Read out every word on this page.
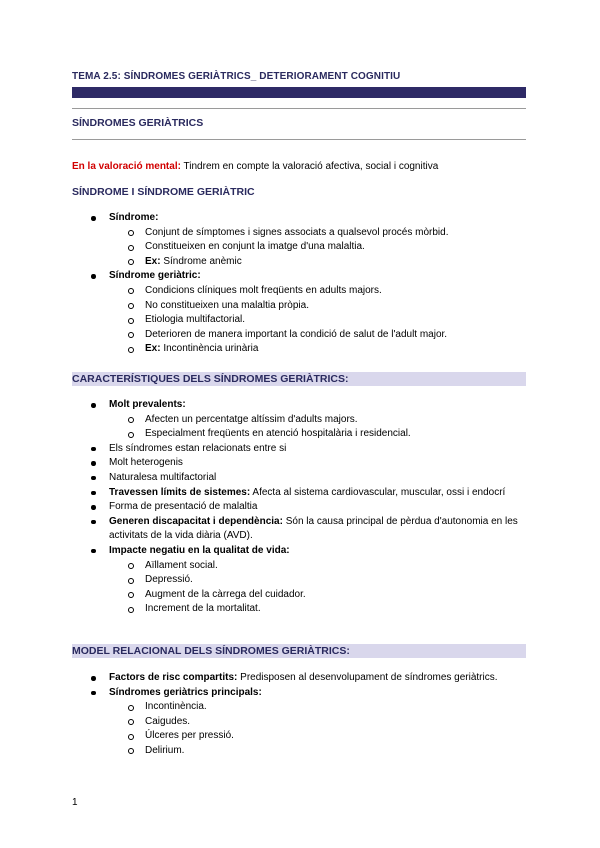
TEMA 2.5: SÍNDROMES GERIÀTRICS_ DETERIORAMENT COGNITIU
SÍNDROMES GERIÀTRICS
En la valoració mental: Tindrem en compte la valoració afectiva, social i cognitiva
SÍNDROME I SÍNDROME GERIÀTRIC
Síndrome:
Conjunt de símptomes i signes associats a qualsevol procés mòrbid.
Constitueixen en conjunt la imatge d'una malaltia.
Ex: Síndrome anèmic
Síndrome geriàtric:
Condicions clíniques molt freqüents en adults majors.
No constitueixen una malaltia pròpia.
Etiologia multifactorial.
Deterioren de manera important la condició de salut de l'adult major.
Ex: Incontinència urinària
CARACTERÍSTIQUES DELS SÍNDROMES GERIÀTRICS:
Molt prevalents:
Afecten un percentatge altíssim d'adults majors.
Especialment freqüents en atenció hospitalària i residencial.
Els síndromes estan relacionats entre si
Molt heterogenis
Naturalesa multifactorial
Travessen límits de sistemes: Afecta al sistema cardiovascular, muscular, ossi i endocrí
Forma de presentació de malaltia
Generen discapacitat i dependència: Són la causa principal de pèrdua d'autonomia en les activitats de la vida diària (AVD).
Impacte negatiu en la qualitat de vida:
Aïllament social.
Depressió.
Augment de la càrrega del cuidador.
Increment de la mortalitat.
MODEL RELACIONAL DELS SÍNDROMES GERIÀTRICS:
Factors de risc compartits: Predisposen al desenvolupament de síndromes geriàtrics.
Síndromes geriàtrics principals:
Incontinència.
Caigudes.
Úlceres per pressió.
Delirium.
1
